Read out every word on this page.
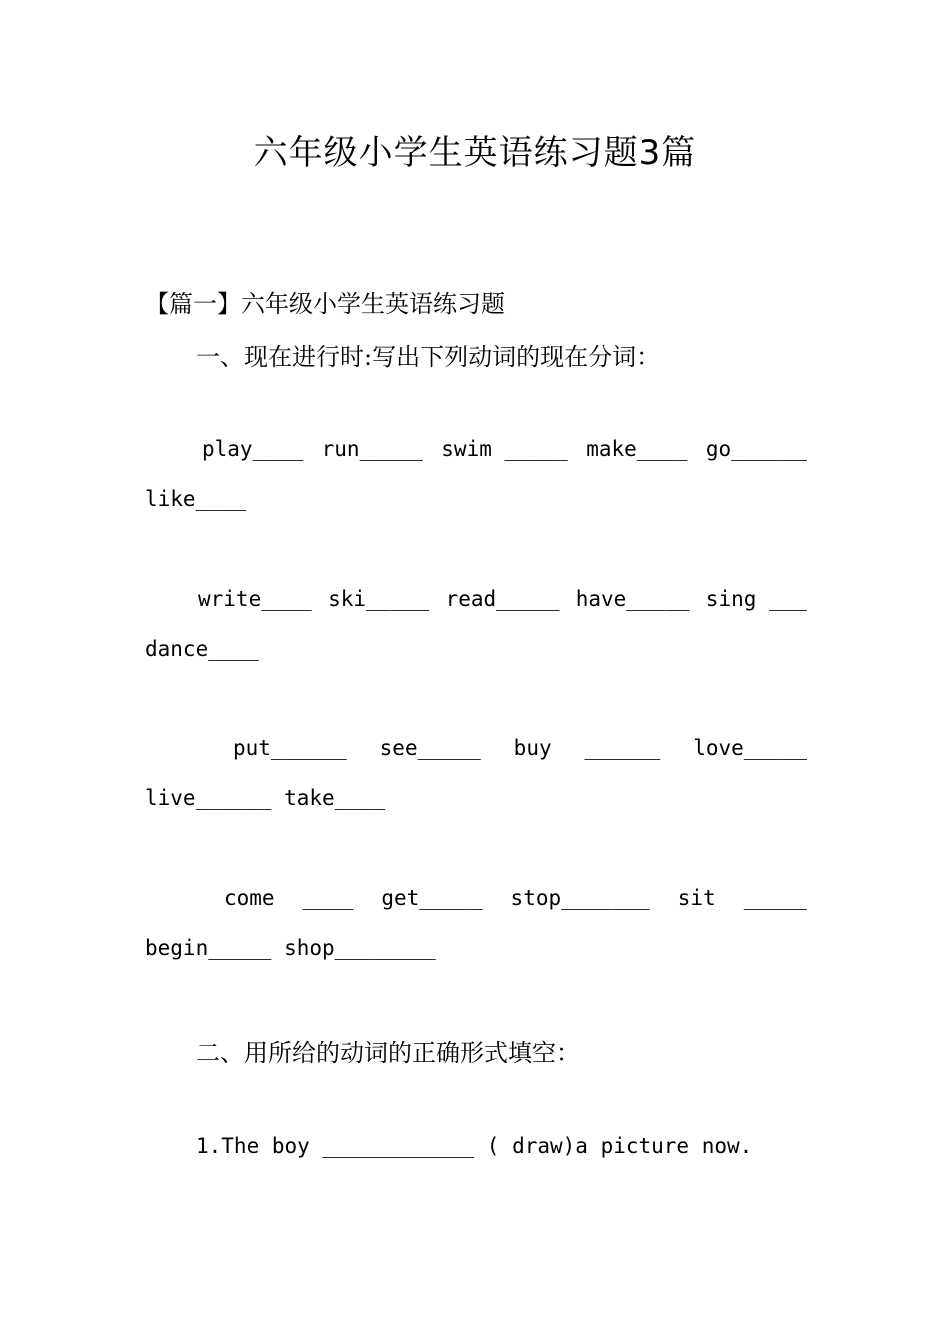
六年级小学生英语练习题3篇
【篇一】六年级小学生英语练习题
一、现在进行时:写出下列动词的现在分词：
play____ run_____ swim _____ make____ go______
like____
write____ ski_____ read_____ have_____ sing ___
dance____
put______ see_____ buy ______ love_____
live______ take____
come ____ get_____ stop_______ sit _____
begin_____ shop________
二、用所给的动词的正确形式填空：
1.The boy ____________ ( draw)a picture now.
